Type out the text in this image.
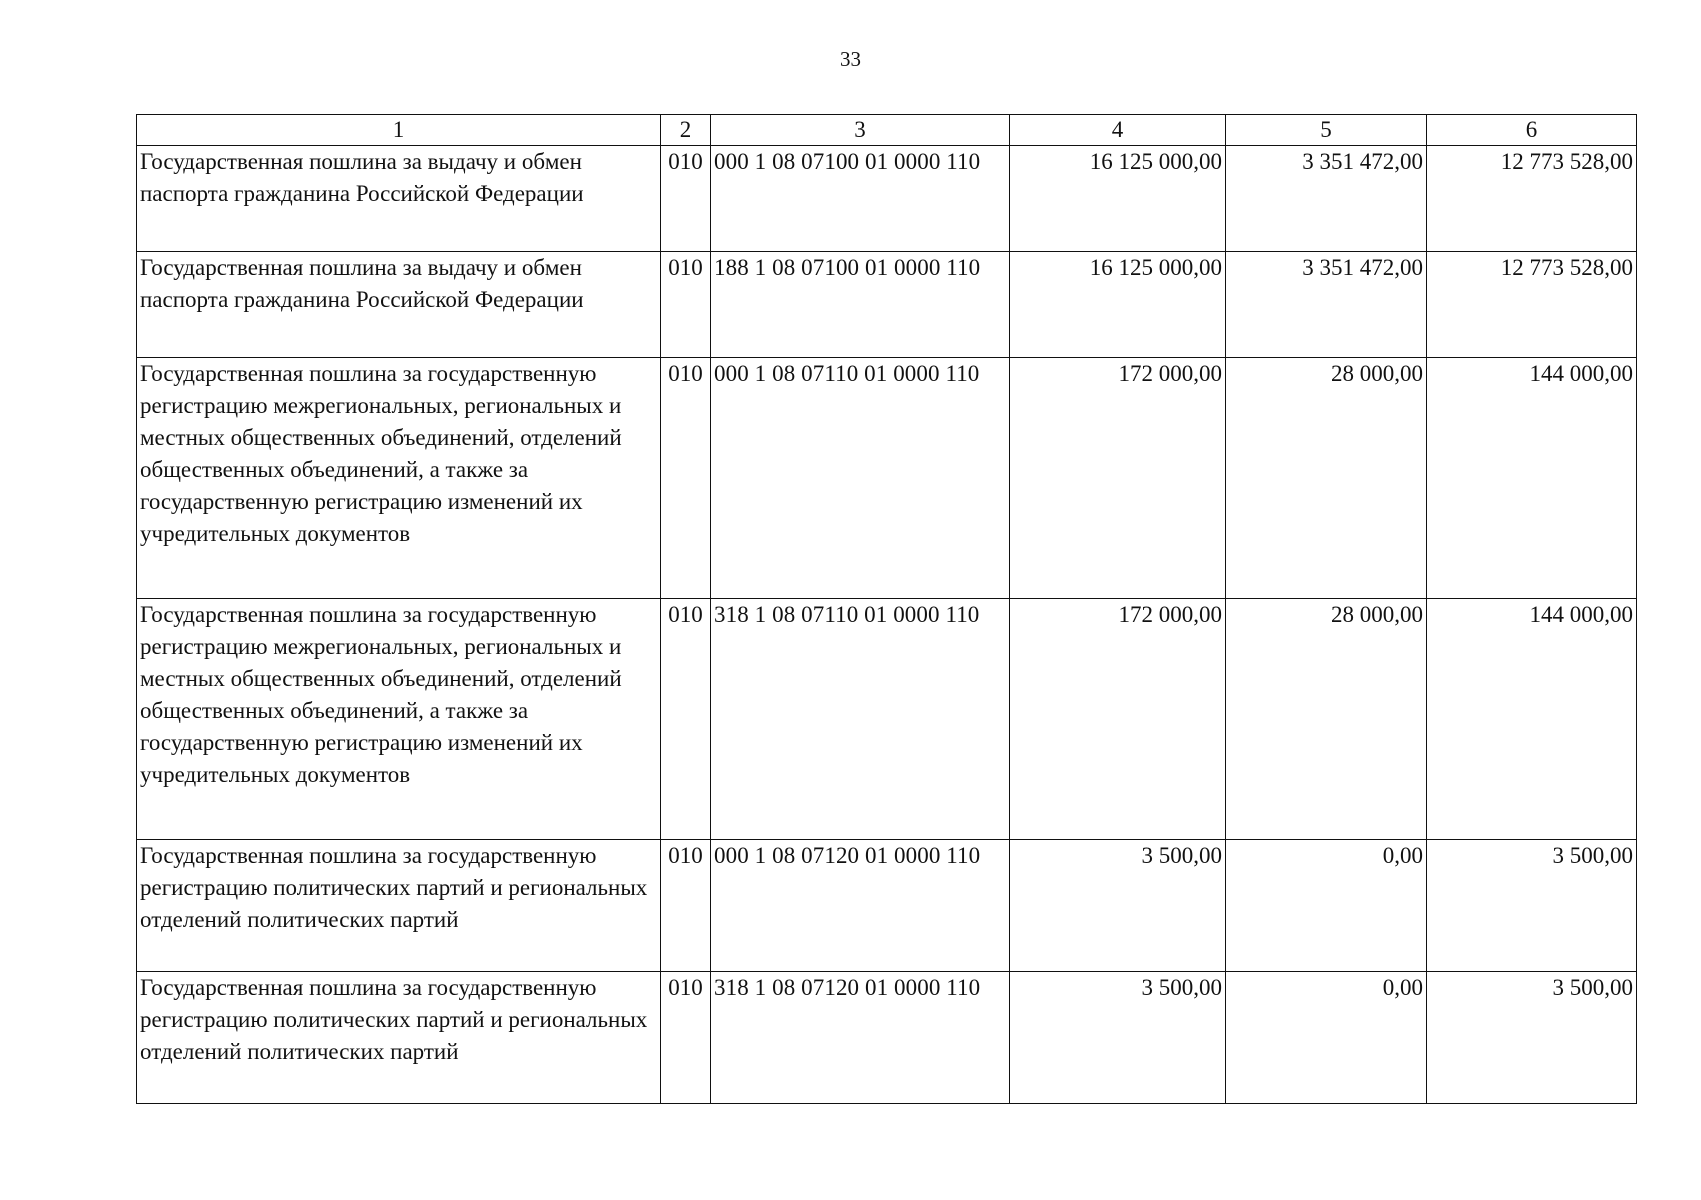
33
1	2	3	4	5	6
Государственная пошлина за выдачу и обмен паспорта гражданина Российской Федерации	010	000 1 08 07100 01 0000 110	16 125 000,00	3 351 472,00	12 773 528,00
Государственная пошлина за выдачу и обмен паспорта гражданина Российской Федерации	010	188 1 08 07100 01 0000 110	16 125 000,00	3 351 472,00	12 773 528,00
Государственная пошлина за государственную регистрацию межрегиональных, региональных и местных общественных объединений, отделений общественных объединений, а также за государственную регистрацию изменений их учредительных документов	010	000 1 08 07110 01 0000 110	172 000,00	28 000,00	144 000,00
Государственная пошлина за государственную регистрацию межрегиональных, региональных и местных общественных объединений, отделений общественных объединений, а также за государственную регистрацию изменений их учредительных документов	010	318 1 08 07110 01 0000 110	172 000,00	28 000,00	144 000,00
Государственная пошлина за государственную регистрацию политических партий и региональных отделений политических партий	010	000 1 08 07120 01 0000 110	3 500,00	0,00	3 500,00
Государственная пошлина за государственную регистрацию политических партий и региональных отделений политических партий	010	318 1 08 07120 01 0000 110	3 500,00	0,00	3 500,00
